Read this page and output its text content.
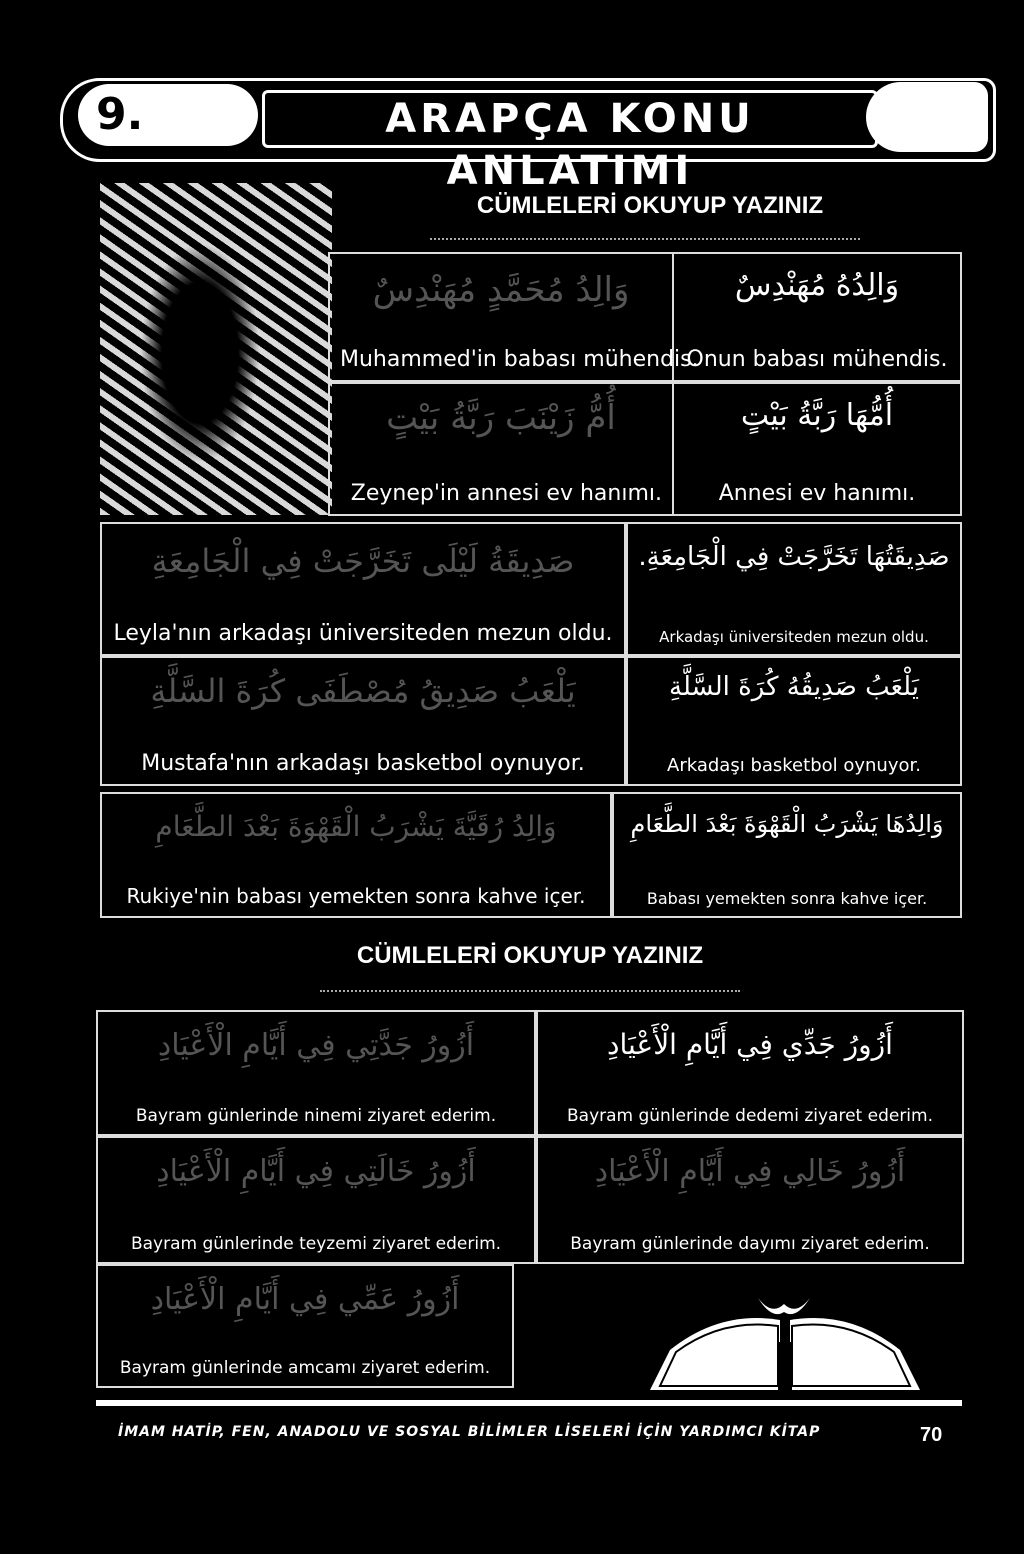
9.	ARAPÇA KONU ANLATIMI
CÜMLELERİ OKUYUP YAZINIZ
وَالِدُ مُحَمَّدٍ مُهَنْدِسٌ
Muhammed'in babası mühendis.
وَالِدُهُ مُهَنْدِسٌ
Onun babası mühendis.
أُمُّ زَيْنَبَ رَبَّةُ بَيْتٍ
Zeynep'in annesi ev hanımı.
أُمُّهَا رَبَّةُ بَيْتٍ
Annesi ev hanımı.
صَدِيقَةُ لَيْلَى تَخَرَّجَتْ فِي الْجَامِعَةِ
Leyla'nın arkadaşı üniversiteden mezun oldu.
صَدِيقَتُهَا تَخَرَّجَتْ فِي الْجَامِعَةِ.
Arkadaşı üniversiteden mezun oldu.
يَلْعَبُ صَدِيقُ مُصْطَفَى كُرَةَ السَّلَّةِ
Mustafa'nın arkadaşı basketbol oynuyor.
يَلْعَبُ صَدِيقُهُ كُرَةَ السَّلَّةِ
Arkadaşı basketbol oynuyor.
وَالِدُ رُقَيَّةَ يَشْرَبُ الْقَهْوَةَ بَعْدَ الطَّعَامِ
Rukiye'nin babası yemekten sonra kahve içer.
وَالِدُهَا يَشْرَبُ الْقَهْوَةَ بَعْدَ الطَّعَامِ
Babası yemekten sonra kahve içer.
CÜMLELERİ OKUYUP YAZINIZ
أَزُورُ جَدَّتِي فِي أَيَّامِ الْأَعْيَادِ
Bayram günlerinde ninemi ziyaret ederim.
أَزُورُ جَدِّي فِي أَيَّامِ الْأَعْيَادِ
Bayram günlerinde dedemi ziyaret ederim.
أَزُورُ خَالَتِي فِي أَيَّامِ الْأَعْيَادِ
Bayram günlerinde teyzemi ziyaret ederim.
أَزُورُ خَالِي فِي أَيَّامِ الْأَعْيَادِ
Bayram günlerinde dayımı ziyaret ederim.
أَزُورُ عَمِّي فِي أَيَّامِ الْأَعْيَادِ
Bayram günlerinde amcamı ziyaret ederim.
İMAM HATİP, FEN, ANADOLU VE SOSYAL BİLİMLER LİSELERİ İÇİN YARDIMCI KİTAP	70
